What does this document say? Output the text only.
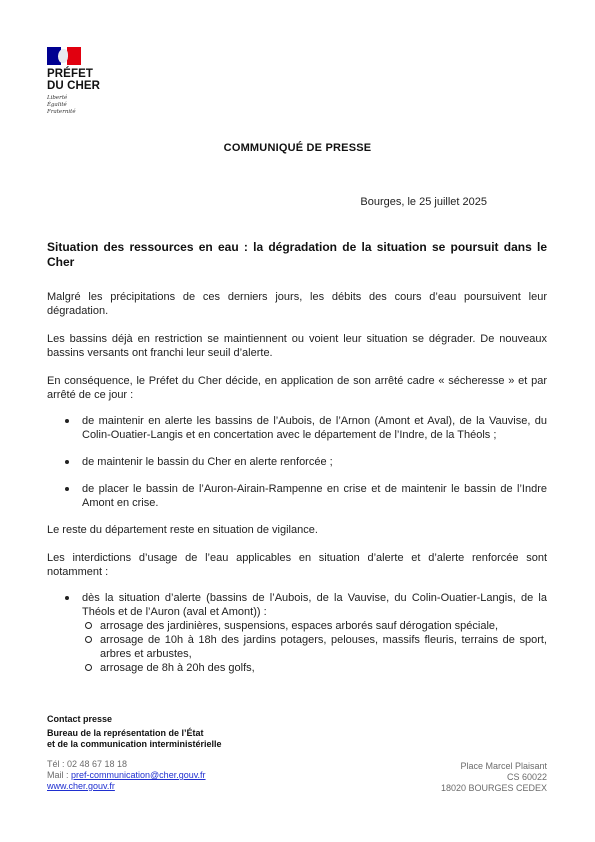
PRÉFET
DU CHER
Liberté
Égalité
Fraternité
COMMUNIQUÉ DE PRESSE
Bourges, le 25 juillet 2025
Situation des ressources en eau : la dégradation de la situation se poursuit dans le Cher

Malgré les précipitations de ces derniers jours, les débits des cours d’eau poursuivent leur dégradation.

Les bassins déjà en restriction se maintiennent ou voient leur situation se dégrader. De nouveaux bassins versants ont franchi leur seuil d’alerte.

En conséquence, le Préfet du Cher décide, en application de son arrêté cadre « sécheresse » et par arrêté de ce jour :

de maintenir en alerte les bassins de l’Aubois, de l’Arnon (Amont et Aval), de la Vauvise, du Colin-Ouatier-Langis et en concertation avec le département de l’Indre, de la Théols ;
de maintenir le bassin du Cher en alerte renforcée ;
de placer le bassin de l’Auron-Airain-Rampenne en crise et de maintenir le bassin de l’Indre Amont en crise.

Le reste du département reste en situation de vigilance.

Les interdictions d’usage de l’eau applicables en situation d’alerte et d’alerte renforcée sont notamment :

dès la situation d’alerte (bassins de l’Aubois, de la Vauvise, du Colin-Ouatier-Langis, de la Théols et de l’Auron (aval et Amont)) :
arrosage des jardinières, suspensions, espaces arborés sauf dérogation spéciale,
arrosage de 10h à 18h des jardins potagers, pelouses, massifs fleuris, terrains de sport, arbres et arbustes,
arrosage de 8h à 20h des golfs,
Contact presse
Bureau de la représentation de l’État
et de la communication interministérielle
Tél : 02 48 67 18 18
Mail : pref-communication@cher.gouv.fr
www.cher.gouv.fr
Place Marcel Plaisant
CS 60022
18020 BOURGES CEDEX
